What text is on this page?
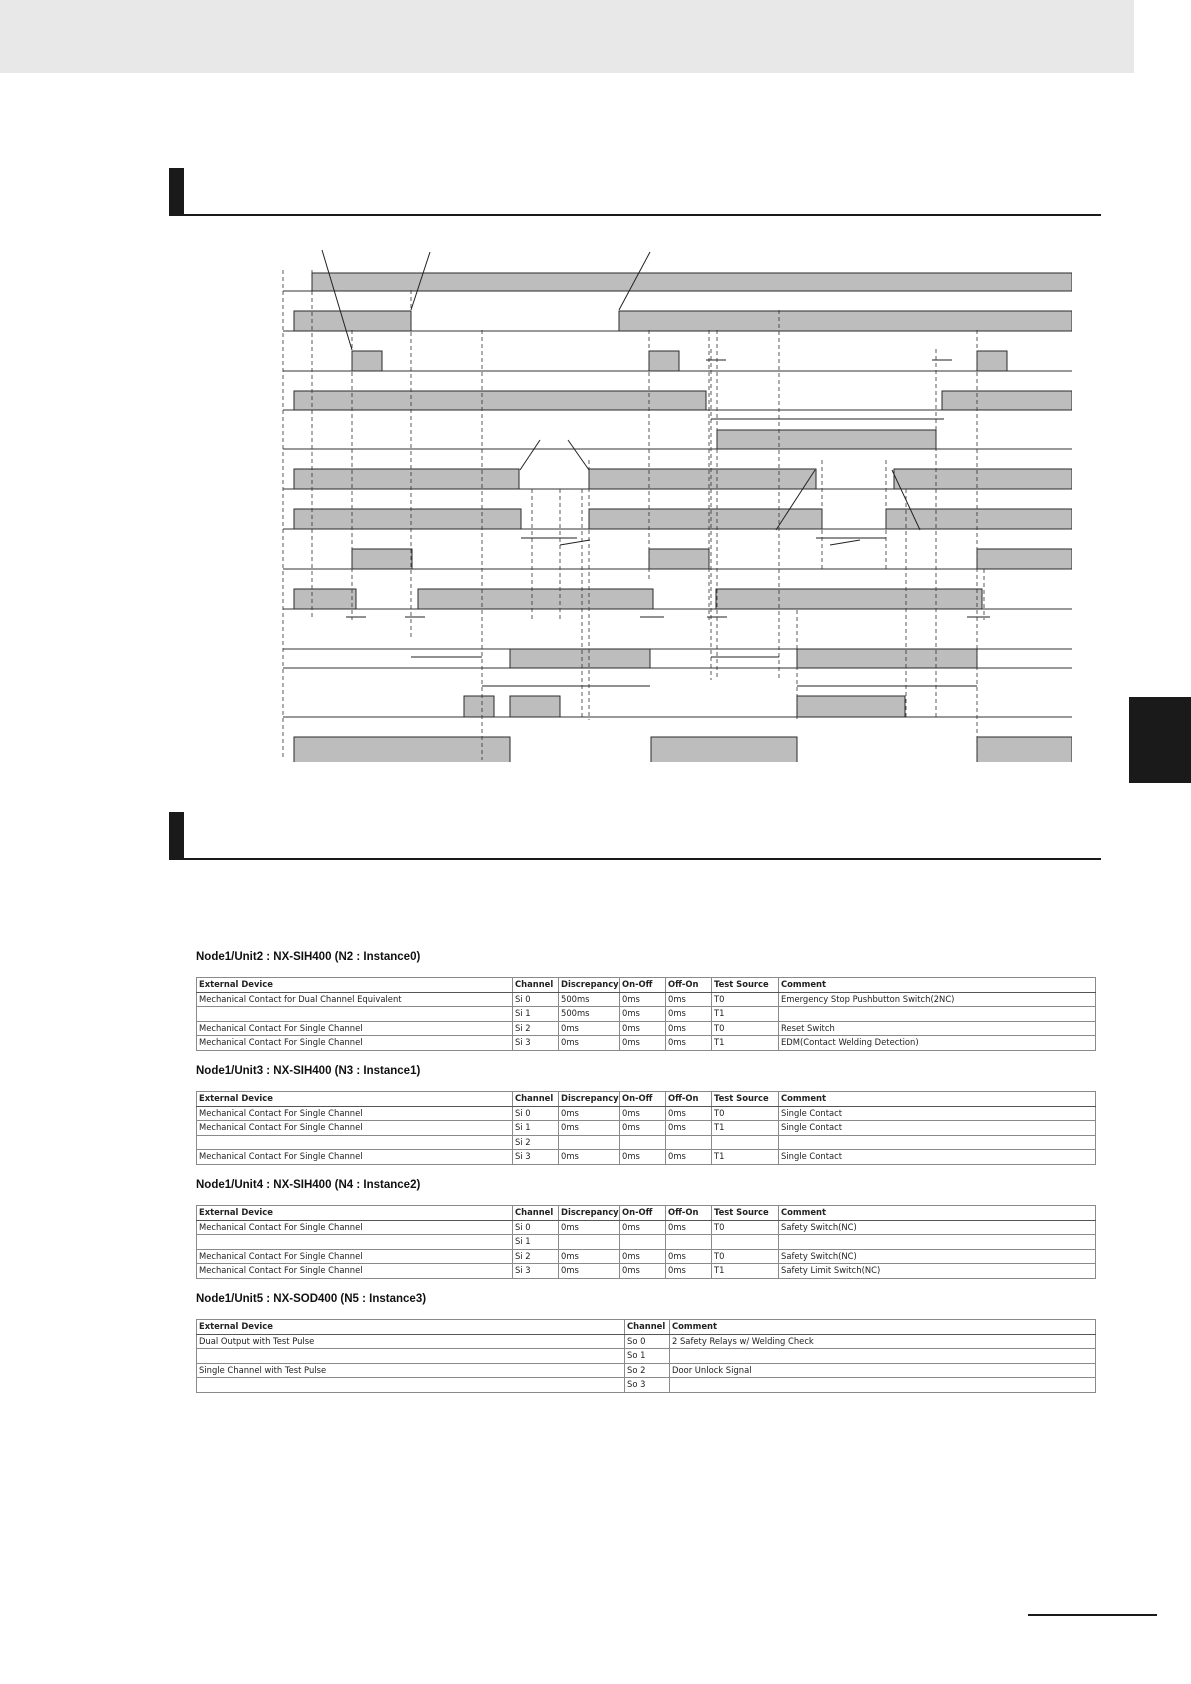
Node1/Unit2 : NX-SIH400 (N2 : Instance0)
External Device	Channel	Discrepancy	On-Off	Off-On	Test Source	Comment
Mechanical Contact for Dual Channel Equivalent	Si 0	500ms	0ms	0ms	T0	Emergency Stop Pushbutton Switch(2NC)
	Si 1	500ms	0ms	0ms	T1	
Mechanical Contact For Single Channel	Si 2	0ms	0ms	0ms	T0	Reset Switch
Mechanical Contact For Single Channel	Si 3	0ms	0ms	0ms	T1	EDM(Contact Welding Detection)
Node1/Unit3 : NX-SIH400 (N3 : Instance1)
External Device	Channel	Discrepancy	On-Off	Off-On	Test Source	Comment
Mechanical Contact For Single Channel	Si 0	0ms	0ms	0ms	T0	Single Contact
Mechanical Contact For Single Channel	Si 1	0ms	0ms	0ms	T1	Single Contact
	Si 2					
Mechanical Contact For Single Channel	Si 3	0ms	0ms	0ms	T1	Single Contact
Node1/Unit4 : NX-SIH400 (N4 : Instance2)
External Device	Channel	Discrepancy	On-Off	Off-On	Test Source	Comment
Mechanical Contact For Single Channel	Si 0	0ms	0ms	0ms	T0	Safety Switch(NC)
	Si 1					
Mechanical Contact For Single Channel	Si 2	0ms	0ms	0ms	T0	Safety Switch(NC)
Mechanical Contact For Single Channel	Si 3	0ms	0ms	0ms	T1	Safety Limit Switch(NC)
Node1/Unit5 : NX-SOD400 (N5 : Instance3)
External Device	Channel	Comment
Dual Output with Test Pulse	So 0	2 Safety Relays w/ Welding Check
	So 1	
Single Channel with Test Pulse	So 2	Door Unlock Signal
	So 3	
